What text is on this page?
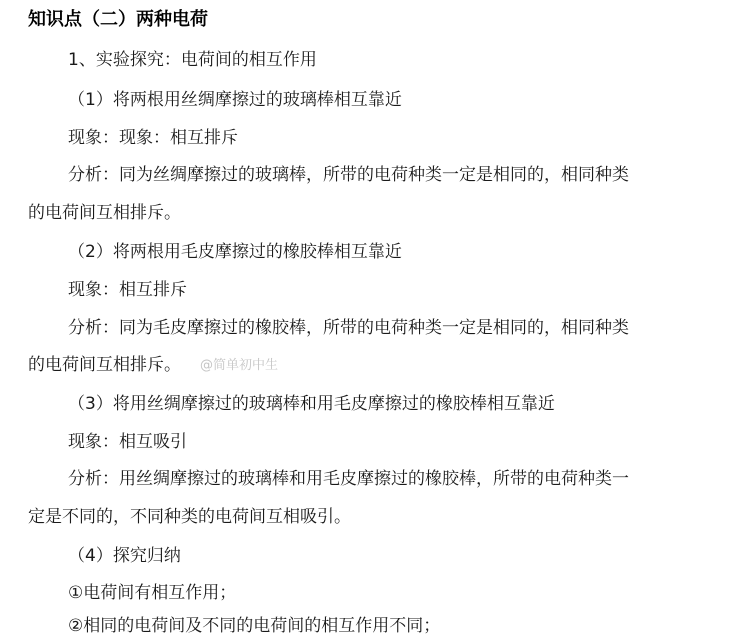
知识点（二）两种电荷
1、实验探究：电荷间的相互作用
（1）将两根用丝绸摩擦过的玻璃棒相互靠近
现象：现象：相互排斥
分析：同为丝绸摩擦过的玻璃棒，所带的电荷种类一定是相同的，相同种类
的电荷间互相排斥。
（2）将两根用毛皮摩擦过的橡胶棒相互靠近
现象：相互排斥
分析：同为毛皮摩擦过的橡胶棒，所带的电荷种类一定是相同的，相同种类
的电荷间互相排斥。 @简单初中生
（3）将用丝绸摩擦过的玻璃棒和用毛皮摩擦过的橡胶棒相互靠近
现象：相互吸引
分析：用丝绸摩擦过的玻璃棒和用毛皮摩擦过的橡胶棒，所带的电荷种类一
定是不同的，不同种类的电荷间互相吸引。
（4）探究归纳
①电荷间有相互作用；
②相同的电荷间及不同的电荷间的相互作用不同；
